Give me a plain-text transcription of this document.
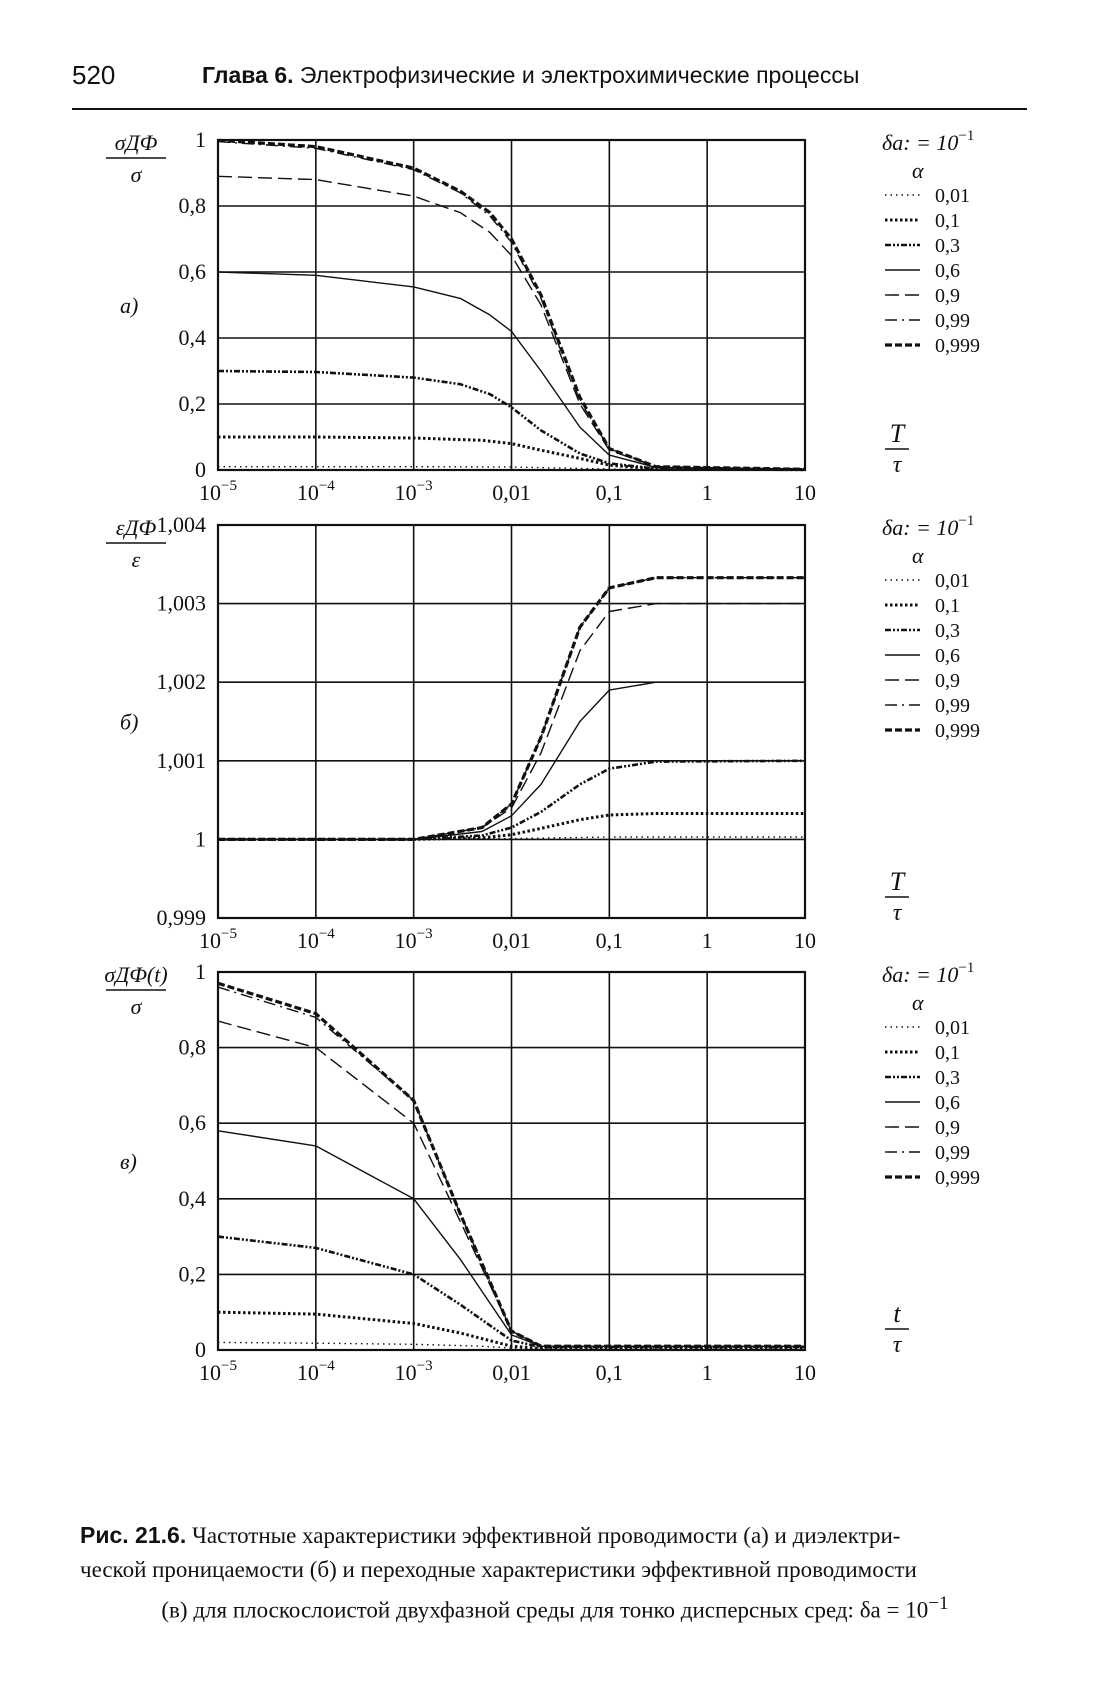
520	Глава 6. Электрофизические и электрохимические процессы
0
0,2
0,4
0,6
0,8
1
σДФ
σ
а)
T
τ
δa: = $10^{-1}$
α
0,01
0,1
0,3
0,6
0,9
0,99
0,999
$10^{-5}$	$10^{-4}$	$10^{-3}$	0,01	0,1	1	10
0,999
1
1,001
1,002
1,003
1,004
εДФ
ε
б)
T
τ
δa: = $10^{-1}$
α
0,01
0,1
0,3
0,6
0,9
0,99
0,999
$10^{-5}$	$10^{-4}$	$10^{-3}$	0,01	0,1	1	10
0
0,2
0,4
0,6
0,8
1
σДФ(t)
σ
в)
t
τ
δa: = $10^{-1}$
α
0,01
0,1
0,3
0,6
0,9
0,99
0,999
$10^{-5}$	$10^{-4}$	$10^{-3}$	0,01	0,1	1	10
Рис. 21.6. Частотные характеристики эффективной проводимости (а) и диэлектри-
ческой проницаемости (б) и переходные характеристики эффективной проводимости
(в) для плоскослоистой двухфазной среды для тонко дисперсных сред: $\delta a = 10^{-1}$
